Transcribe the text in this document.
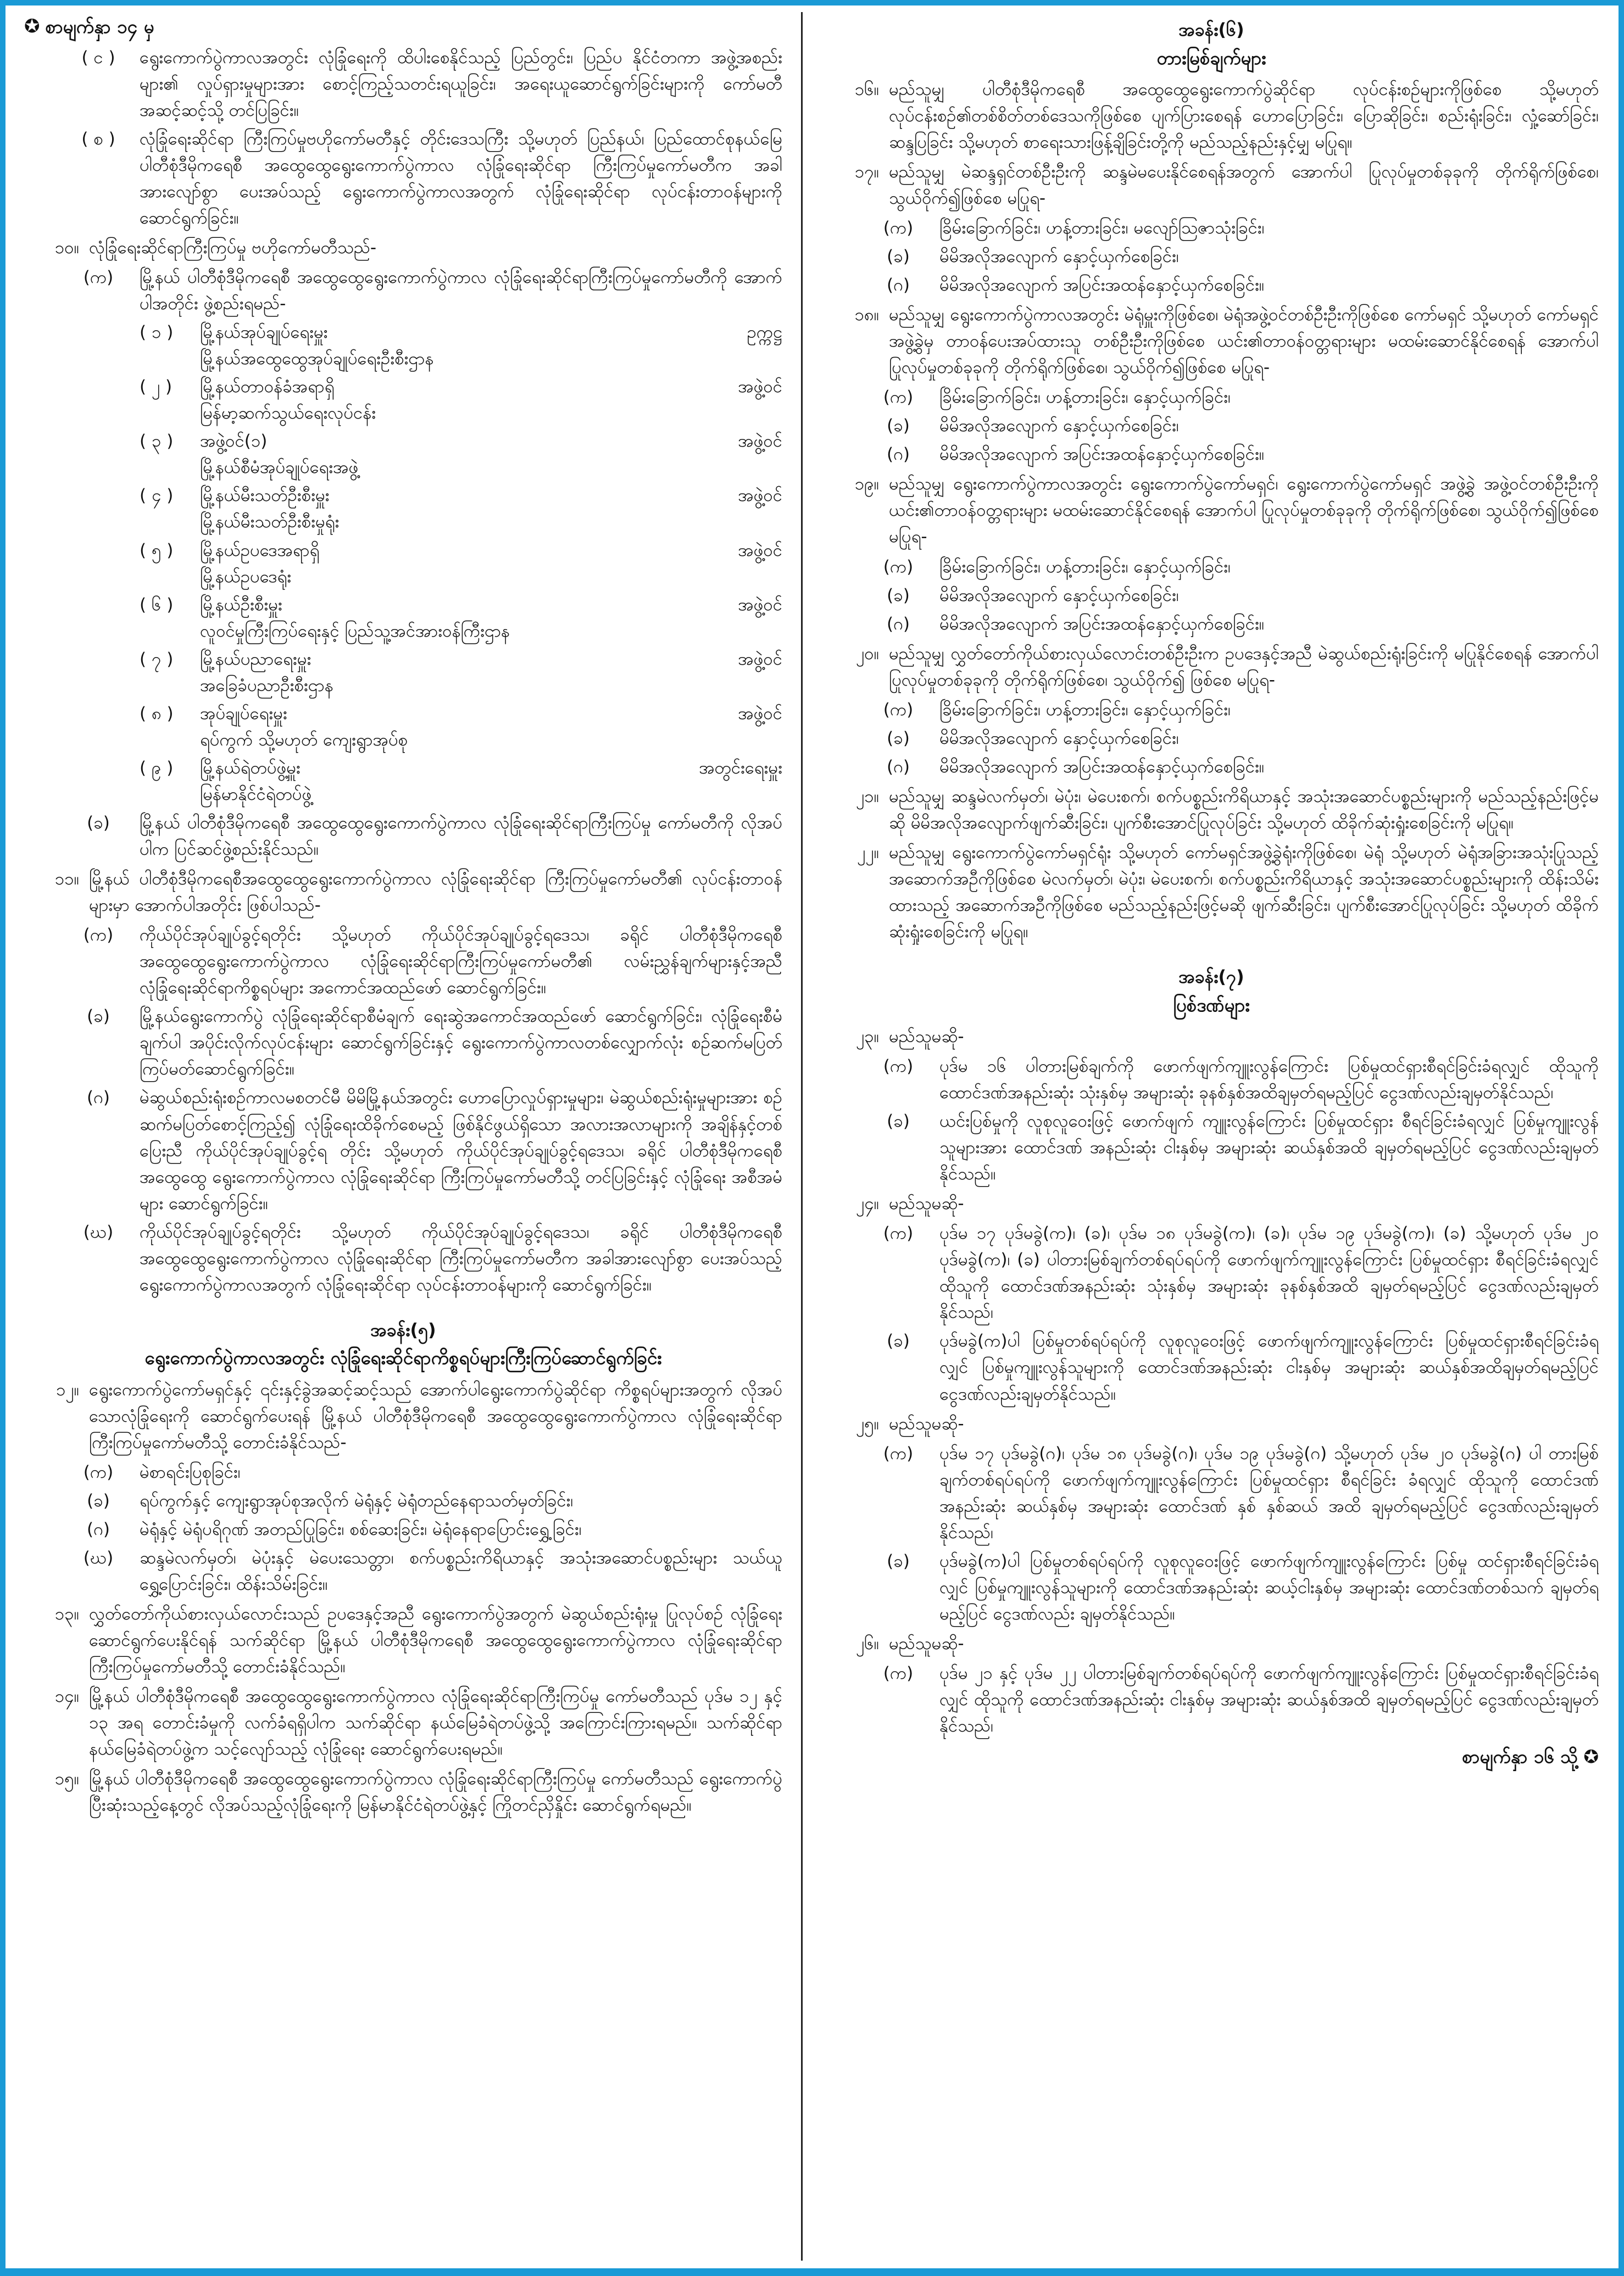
✪ စာမျက်နှာ ၁၄ မှ
( င )	ရွေးကောက်ပွဲကာလအတွင်း လုံခြုံရေးကို ထိပါးစေနိုင်သည့် ပြည်တွင်း၊ ပြည်ပ နိုင်ငံတကာ အဖွဲ့အစည်းများ၏ လှုပ်ရှားမှုများအား စောင့်ကြည့်သတင်းရယူခြင်း၊ အရေးယူဆောင်ရွက်ခြင်းများကို ကော်မတီအဆင့်ဆင့်သို့ တင်ပြခြင်း။
( စ )	လုံခြုံရေးဆိုင်ရာ ကြီးကြပ်မှုဗဟိုကော်မတီနှင့် တိုင်းဒေသကြီး သို့မဟုတ် ပြည်နယ်၊ ပြည်ထောင်စုနယ်မြေ ပါတီစုံဒီမိုကရေစီ အထွေထွေရွေးကောက်ပွဲကာလ လုံခြုံရေးဆိုင်ရာ ကြီးကြပ်မှုကော်မတီက အခါအားလျော်စွာ ပေးအပ်သည့် ရွေးကောက်ပွဲကာလအတွက် လုံခြုံရေးဆိုင်ရာ လုပ်ငန်းတာဝန်များကို ဆောင်ရွက်ခြင်း။
၁၀။ လုံခြုံရေးဆိုင်ရာကြီးကြပ်မှု ဗဟိုကော်မတီသည်-
(က)	မြို့နယ် ပါတီစုံဒီမိုကရေစီ အထွေထွေရွေးကောက်ပွဲကာလ လုံခြုံရေးဆိုင်ရာကြီးကြပ်မှုကော်မတီကို အောက်ပါအတိုင်း ဖွဲ့စည်းရမည်-
( ၁ )	မြို့နယ်အုပ်ချုပ်ရေးမှူး	ဥက္ကဋ္ဌ
မြို့နယ်အထွေထွေအုပ်ချုပ်ရေးဦးစီးဌာန
( ၂ )	မြို့နယ်တာဝန်ခံအရာရှိ	အဖွဲ့ဝင်
မြန်မာ့ဆက်သွယ်ရေးလုပ်ငန်း
( ၃ )	အဖွဲ့ဝင်(၁)	အဖွဲ့ဝင်
မြို့နယ်စီမံအုပ်ချုပ်ရေးအဖွဲ့
( ၄ )	မြို့နယ်မီးသတ်ဦးစီးမှူး	အဖွဲ့ဝင်
မြို့နယ်မီးသတ်ဦးစီးမှုရုံး
( ၅ )	မြို့နယ်ဥပဒေအရာရှိ	အဖွဲ့ဝင်
မြို့နယ်ဥပဒေရုံး
( ၆ )	မြို့နယ်ဦးစီးမှူး	အဖွဲ့ဝင်
လူဝင်မှုကြီးကြပ်ရေးနှင့် ပြည်သူ့အင်အားဝန်ကြီးဌာန
( ၇ )	မြို့နယ်ပညာရေးမှူး	အဖွဲ့ဝင်
အခြေခံပညာဦးစီးဌာန
( ၈ )	အုပ်ချုပ်ရေးမှူး	အဖွဲ့ဝင်
ရပ်ကွက် သို့မဟုတ် ကျေးရွာအုပ်စု
( ၉ )	မြို့နယ်ရဲတပ်ဖွဲ့မှူး	အတွင်းရေးမှူး
မြန်မာနိုင်ငံရဲတပ်ဖွဲ့
(ခ)	မြို့နယ် ပါတီစုံဒီမိုကရေစီ အထွေထွေရွေးကောက်ပွဲကာလ လုံခြုံရေးဆိုင်ရာကြီးကြပ်မှု ကော်မတီကို လိုအပ်ပါက ပြင်ဆင်ဖွဲ့စည်းနိုင်သည်။
၁၁။ မြို့နယ် ပါတီစုံဒီမိုကရေစီအထွေထွေရွေးကောက်ပွဲကာလ လုံခြုံရေးဆိုင်ရာ ကြီးကြပ်မှုကော်မတီ၏ လုပ်ငန်းတာဝန်များမှာ အောက်ပါအတိုင်း ဖြစ်ပါသည်-
(က)	ကိုယ်ပိုင်အုပ်ချုပ်ခွင့်ရတိုင်း သို့မဟုတ် ကိုယ်ပိုင်အုပ်ချုပ်ခွင့်ရဒေသ၊ ခရိုင် ပါတီစုံဒီမိုကရေစီ အထွေထွေရွေးကောက်ပွဲကာလ လုံခြုံရေးဆိုင်ရာကြီးကြပ်မှုကော်မတီ၏ လမ်းညွှန်ချက်များနှင့်အညီ လုံခြုံရေးဆိုင်ရာကိစ္စရပ်များ အကောင်အထည်ဖော် ဆောင်ရွက်ခြင်း။
(ခ)	မြို့နယ်ရွေးကောက်ပွဲ လုံခြုံရေးဆိုင်ရာစီမံချက် ရေးဆွဲအကောင်အထည်ဖော် ဆောင်ရွက်ခြင်း၊ လုံခြုံရေးစီမံချက်ပါ အပိုင်းလိုက်လုပ်ငန်းများ ဆောင်ရွက်ခြင်းနှင့် ရွေးကောက်ပွဲကာလတစ်လျှောက်လုံး စဉ်ဆက်မပြတ် ကြပ်မတ်ဆောင်ရွက်ခြင်း။
(ဂ)	မဲဆွယ်စည်းရုံးစဉ်ကာလမစတင်မီ မိမိမြို့နယ်အတွင်း ဟောပြောလှုပ်ရှားမှုများ၊ မဲဆွယ်စည်းရုံးမှုများအား စဉ်ဆက်မပြတ်စောင့်ကြည့်၍ လုံခြုံရေးထိခိုက်စေမည့် ဖြစ်နိုင်ဖွယ်ရှိသော အလားအလာများကို အချိန်နှင့်တစ်ပြေးညီ ကိုယ်ပိုင်အုပ်ချုပ်ခွင့်ရ တိုင်း သို့မဟုတ် ကိုယ်ပိုင်အုပ်ချုပ်ခွင့်ရဒေသ၊ ခရိုင် ပါတီစုံဒီမိုကရေစီ အထွေထွေ ရွေးကောက်ပွဲကာလ လုံခြုံရေးဆိုင်ရာ ကြီးကြပ်မှုကော်မတီသို့ တင်ပြခြင်းနှင့် လုံခြုံရေး အစီအမံများ ဆောင်ရွက်ခြင်း။
(ဃ)	ကိုယ်ပိုင်အုပ်ချုပ်ခွင့်ရတိုင်း သို့မဟုတ် ကိုယ်ပိုင်အုပ်ချုပ်ခွင့်ရဒေသ၊ ခရိုင် ပါတီစုံဒီမိုကရေစီ အထွေထွေရွေးကောက်ပွဲကာလ လုံခြုံရေးဆိုင်ရာ ကြီးကြပ်မှုကော်မတီက အခါအားလျော်စွာ ပေးအပ်သည့် ရွေးကောက်ပွဲကာလအတွက် လုံခြုံရေးဆိုင်ရာ လုပ်ငန်းတာဝန်များကို ဆောင်ရွက်ခြင်း။
အခန်း(၅)
ရွေးကောက်ပွဲကာလအတွင်း လုံခြုံရေးဆိုင်ရာကိစ္စရပ်များကြီးကြပ်ဆောင်ရွက်ခြင်း
၁၂။ ရွေးကောက်ပွဲကော်မရှင်နှင့် ၎င်းနှင့်ခွဲအဆင့်ဆင့်သည် အောက်ပါရွေးကောက်ပွဲဆိုင်ရာ ကိစ္စရပ်များအတွက် လိုအပ်သောလုံခြုံရေးကို ဆောင်ရွက်ပေးရန် မြို့နယ် ပါတီစုံဒီမိုကရေစီ အထွေထွေရွေးကောက်ပွဲကာလ လုံခြုံရေးဆိုင်ရာ ကြီးကြပ်မှုကော်မတီသို့ တောင်းခံနိုင်သည်-
(က)	မဲစာရင်းပြစုခြင်း၊
(ခ)	ရပ်ကွက်နှင့် ကျေးရွာအုပ်စုအလိုက် မဲရုံနှင့် မဲရုံတည်နေရာသတ်မှတ်ခြင်း၊
(ဂ)	မဲရုံနှင့် မဲရုံပရိဂုဏ် အတည်ပြုခြင်း၊ စစ်ဆေးခြင်း၊ မဲရုံနေရာပြောင်းရွှေ့ခြင်း၊
(ဃ)	ဆန္ဒမဲလက်မှတ်၊ မဲပုံးနှင့် မဲပေးသေတ္တာ၊ စက်ပစ္စည်းကိရိယာနှင့် အသုံးအဆောင်ပစ္စည်းများ သယ်ယူရွှေ့ပြောင်းခြင်း၊ ထိန်းသိမ်းခြင်း။
၁၃။ လွှတ်တော်ကိုယ်စားလှယ်လောင်းသည် ဥပဒေနှင့်အညီ ရွေးကောက်ပွဲအတွက် မဲဆွယ်စည်းရုံးမှု ပြုလုပ်စဉ် လုံခြုံရေးဆောင်ရွက်ပေးနိုင်ရန် သက်ဆိုင်ရာ မြို့နယ် ပါတီစုံဒီမိုကရေစီ အထွေထွေရွေးကောက်ပွဲကာလ လုံခြုံရေးဆိုင်ရာကြီးကြပ်မှုကော်မတီသို့ တောင်းခံနိုင်သည်။
၁၄။ မြို့နယ် ပါတီစုံဒီမိုကရေစီ အထွေထွေရွေးကောက်ပွဲကာလ လုံခြုံရေးဆိုင်ရာကြီးကြပ်မှု ကော်မတီသည် ပုဒ်မ ၁၂ နှင့် ၁၃ အရ တောင်းခံမှုကို လက်ခံရရှိပါက သက်ဆိုင်ရာ နယ်မြေခံရဲတပ်ဖွဲ့သို့ အကြောင်းကြားရမည်။ သက်ဆိုင်ရာ နယ်မြေခံရဲတပ်ဖွဲ့က သင့်လျော်သည့် လုံခြုံရေး ဆောင်ရွက်ပေးရမည်။
၁၅။ မြို့နယ် ပါတီစုံဒီမိုကရေစီ အထွေထွေရွေးကောက်ပွဲကာလ လုံခြုံရေးဆိုင်ရာကြီးကြပ်မှု ကော်မတီသည် ရွေးကောက်ပွဲပြီးဆုံးသည့်နေ့တွင် လိုအပ်သည့်လုံခြုံရေးကို မြန်မာနိုင်ငံရဲတပ်ဖွဲ့နှင့် ကြိုတင်ညှိနှိုင်း ဆောင်ရွက်ရမည်။
အခန်း(၆)
တားမြစ်ချက်များ
၁၆။ မည်သူမျှ ပါတီစုံဒီမိုကရေစီ အထွေထွေရွေးကောက်ပွဲဆိုင်ရာ လုပ်ငန်းစဉ်များကိုဖြစ်စေ သို့မဟုတ် လုပ်ငန်းစဉ်၏တစ်စိတ်တစ်ဒေသကိုဖြစ်စေ ပျက်ပြားစေရန် ဟောပြောခြင်း၊ ပြောဆိုခြင်း၊ စည်းရုံးခြင်း၊ လှုံ့ဆော်ခြင်း၊ ဆန္ဒပြခြင်း သို့မဟုတ် စာရေးသားဖြန့်ချိခြင်းတို့ကို မည်သည့်နည်းနှင့်မျှ မပြုရ။
၁၇။ မည်သူမျှ မဲဆန္ဒရှင်တစ်ဦးဦးကို ဆန္ဒမဲမပေးနိုင်စေရန်အတွက် အောက်ပါ ပြုလုပ်မှုတစ်ခုခုကို တိုက်ရိုက်ဖြစ်စေ၊ သွယ်ဝိုက်၍ဖြစ်စေ မပြုရ-
(က)	ခြိမ်းခြောက်ခြင်း၊ ဟန့်တားခြင်း၊ မလျော်ဩဇာသုံးခြင်း၊
(ခ)	မိမိအလိုအလျောက် နှောင့်ယှက်စေခြင်း၊
(ဂ)	မိမိအလိုအလျောက် အပြင်းအထန်နှောင့်ယှက်စေခြင်း။
၁၈။ မည်သူမျှ ရွေးကောက်ပွဲကာလအတွင်း မဲရုံမှူးကိုဖြစ်စေ၊ မဲရုံအဖွဲ့ဝင်တစ်ဦးဦးကိုဖြစ်စေ ကော်မရှင် သို့မဟုတ် ကော်မရှင်အဖွဲ့ခွဲမှ တာဝန်ပေးအပ်ထားသူ တစ်ဦးဦးကိုဖြစ်စေ ယင်း၏တာဝန်ဝတ္တရားများ မထမ်းဆောင်နိုင်စေရန် အောက်ပါပြုလုပ်မှုတစ်ခုခုကို တိုက်ရိုက်ဖြစ်စေ၊ သွယ်ဝိုက်၍ဖြစ်စေ မပြုရ-
(က)	ခြိမ်းခြောက်ခြင်း၊ ဟန့်တားခြင်း၊ နှောင့်ယှက်ခြင်း၊
(ခ)	မိမိအလိုအလျောက် နှောင့်ယှက်စေခြင်း၊
(ဂ)	မိမိအလိုအလျောက် အပြင်းအထန်နှောင့်ယှက်စေခြင်း။
၁၉။ မည်သူမျှ ရွေးကောက်ပွဲကာလအတွင်း ရွေးကောက်ပွဲကော်မရှင်၊ ရွေးကောက်ပွဲကော်မရှင် အဖွဲ့ခွဲ အဖွဲ့ဝင်တစ်ဦးဦးကို ယင်း၏တာဝန်ဝတ္တရားများ မထမ်းဆောင်နိုင်စေရန် အောက်ပါ ပြုလုပ်မှုတစ်ခုခုကို တိုက်ရိုက်ဖြစ်စေ၊ သွယ်ဝိုက်၍ဖြစ်စေ မပြုရ-
(က)	ခြိမ်းခြောက်ခြင်း၊ ဟန့်တားခြင်း၊ နှောင့်ယှက်ခြင်း၊
(ခ)	မိမိအလိုအလျောက် နှောင့်ယှက်စေခြင်း၊
(ဂ)	မိမိအလိုအလျောက် အပြင်းအထန်နှောင့်ယှက်စေခြင်း။
၂၀။ မည်သူမျှ လွှတ်တော်ကိုယ်စားလှယ်လောင်းတစ်ဦးဦးက ဥပဒေနှင့်အညီ မဲဆွယ်စည်းရုံးခြင်းကို မပြုနိုင်စေရန် အောက်ပါ ပြုလုပ်မှုတစ်ခုခုကို တိုက်ရိုက်ဖြစ်စေ၊ သွယ်ဝိုက်၍ ဖြစ်စေ မပြုရ-
(က)	ခြိမ်းခြောက်ခြင်း၊ ဟန့်တားခြင်း၊ နှောင့်ယှက်ခြင်း၊
(ခ)	မိမိအလိုအလျောက် နှောင့်ယှက်စေခြင်း၊
(ဂ)	မိမိအလိုအလျောက် အပြင်းအထန်နှောင့်ယှက်စေခြင်း။
၂၁။ မည်သူမျှ ဆန္ဒမဲလက်မှတ်၊ မဲပုံး၊ မဲပေးစက်၊ စက်ပစ္စည်းကိရိယာနှင့် အသုံးအဆောင်ပစ္စည်းများကို မည်သည့်နည်းဖြင့်မဆို မိမိအလိုအလျောက်ဖျက်ဆီးခြင်း၊ ပျက်စီးအောင်ပြုလုပ်ခြင်း သို့မဟုတ် ထိခိုက်ဆုံးရှုံးစေခြင်းကို မပြုရ။
၂၂။ မည်သူမျှ ရွေးကောက်ပွဲကော်မရှင်ရုံး သို့မဟုတ် ကော်မရှင်အဖွဲ့ခွဲရုံးကိုဖြစ်စေ၊ မဲရုံ သို့မဟုတ် မဲရုံအခြားအသုံးပြုသည့် အဆောက်အဦကိုဖြစ်စေ မဲလက်မှတ်၊ မဲပုံး၊ မဲပေးစက်၊ စက်ပစ္စည်းကိရိယာနှင့် အသုံးအဆောင်ပစ္စည်းများကို ထိန်းသိမ်းထားသည့် အဆောက်အဦကိုဖြစ်စေ မည်သည့်နည်းဖြင့်မဆို ဖျက်ဆီးခြင်း၊ ပျက်စီးအောင်ပြုလုပ်ခြင်း သို့မဟုတ် ထိခိုက်ဆုံးရှုံးစေခြင်းကို မပြုရ။
အခန်း(၇)
ပြစ်ဒဏ်များ
၂၃။ မည်သူမဆို-
(က)	ပုဒ်မ ၁၆ ပါတားမြစ်ချက်ကို ဖောက်ဖျက်ကျူးလွန်ကြောင်း ပြစ်မှုထင်ရှားစီရင်ခြင်းခံရလျှင် ထိုသူကို ထောင်ဒဏ်အနည်းဆုံး သုံးနှစ်မှ အများဆုံး ခုနစ်နှစ်အထိချမှတ်ရမည့်ပြင် ငွေဒဏ်လည်းချမှတ်နိုင်သည်၊
(ခ)	ယင်းပြစ်မှုကို လူစုလူဝေးဖြင့် ဖောက်ဖျက် ကျူးလွန်ကြောင်း ပြစ်မှုထင်ရှား စီရင်ခြင်းခံရလျှင် ပြစ်မှုကျူးလွန်သူများအား ထောင်ဒဏ် အနည်းဆုံး ငါးနှစ်မှ အများဆုံး ဆယ်နှစ်အထိ ချမှတ်ရမည့်ပြင် ငွေဒဏ်လည်းချမှတ်နိုင်သည်။
၂၄။ မည်သူမဆို-
(က)	ပုဒ်မ ၁၇ ပုဒ်မခွဲ(က)၊ (ခ)၊ ပုဒ်မ ၁၈ ပုဒ်မခွဲ(က)၊ (ခ)၊ ပုဒ်မ ၁၉ ပုဒ်မခွဲ(က)၊ (ခ) သို့မဟုတ် ပုဒ်မ ၂၀ ပုဒ်မခွဲ(က)၊ (ခ) ပါတားမြစ်ချက်တစ်ရပ်ရပ်ကို ဖောက်ဖျက်ကျူးလွန်ကြောင်း ပြစ်မှုထင်ရှား စီရင်ခြင်းခံရလျှင် ထိုသူကို ထောင်ဒဏ်အနည်းဆုံး သုံးနှစ်မှ အများဆုံး ခုနစ်နှစ်အထိ ချမှတ်ရမည့်ပြင် ငွေဒဏ်လည်းချမှတ်နိုင်သည်၊
(ခ)	ပုဒ်မခွဲ(က)ပါ ပြစ်မှုတစ်ရပ်ရပ်ကို လူစုလူဝေးဖြင့် ဖောက်ဖျက်ကျူးလွန်ကြောင်း ပြစ်မှုထင်ရှားစီရင်ခြင်းခံရလျှင် ပြစ်မှုကျူးလွန်သူများကို ထောင်ဒဏ်အနည်းဆုံး ငါးနှစ်မှ အများဆုံး ဆယ်နှစ်အထိချမှတ်ရမည့်ပြင် ငွေဒဏ်လည်းချမှတ်နိုင်သည်။
၂၅။ မည်သူမဆို-
(က)	ပုဒ်မ ၁၇ ပုဒ်မခွဲ(ဂ)၊ ပုဒ်မ ၁၈ ပုဒ်မခွဲ(ဂ)၊ ပုဒ်မ ၁၉ ပုဒ်မခွဲ(ဂ) သို့မဟုတ် ပုဒ်မ ၂၀ ပုဒ်မခွဲ(ဂ) ပါ တားမြစ်ချက်တစ်ရပ်ရပ်ကို ဖောက်ဖျက်ကျူးလွန်ကြောင်း ပြစ်မှုထင်ရှား စီရင်ခြင်း ခံရလျှင် ထိုသူကို ထောင်ဒဏ်အနည်းဆုံး ဆယ်နှစ်မှ အများဆုံး ထောင်ဒဏ် နှစ် နှစ်ဆယ် အထိ ချမှတ်ရမည့်ပြင် ငွေဒဏ်လည်းချမှတ်နိုင်သည်၊
(ခ)	ပုဒ်မခွဲ(က)ပါ ပြစ်မှုတစ်ရပ်ရပ်ကို လူစုလူဝေးဖြင့် ဖောက်ဖျက်ကျူးလွန်ကြောင်း ပြစ်မှု ထင်ရှားစီရင်ခြင်းခံရလျှင် ပြစ်မှုကျူးလွန်သူများကို ထောင်ဒဏ်အနည်းဆုံး ဆယ့်ငါးနှစ်မှ အများဆုံး ထောင်ဒဏ်တစ်သက် ချမှတ်ရမည့်ပြင် ငွေဒဏ်လည်း ချမှတ်နိုင်သည်။
၂၆။ မည်သူမဆို-
(က)	ပုဒ်မ ၂၁ နှင့် ပုဒ်မ ၂၂ ပါတားမြစ်ချက်တစ်ရပ်ရပ်ကို ဖောက်ဖျက်ကျူးလွန်ကြောင်း ပြစ်မှုထင်ရှားစီရင်ခြင်းခံရလျှင် ထိုသူကို ထောင်ဒဏ်အနည်းဆုံး ငါးနှစ်မှ အများဆုံး ဆယ်နှစ်အထိ ချမှတ်ရမည့်ပြင် ငွေဒဏ်လည်းချမှတ်နိုင်သည်၊
စာမျက်နှာ ၁၆ သို့ ✪
